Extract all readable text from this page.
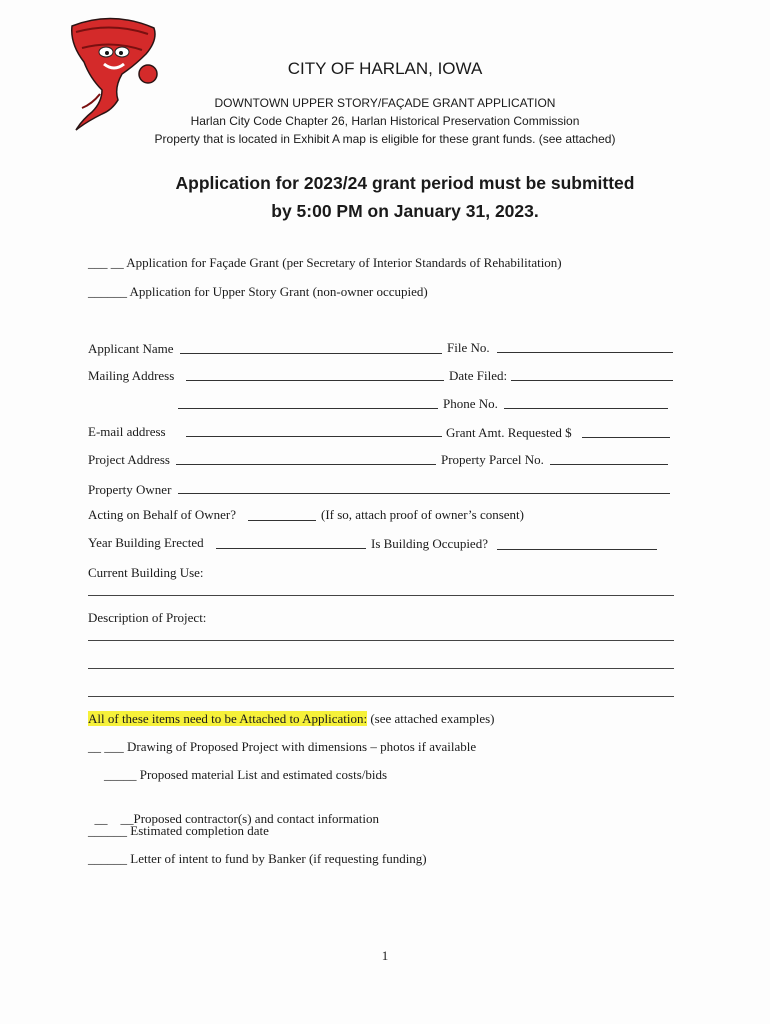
CITY OF HARLAN, IOWA
DOWNTOWN UPPER STORY/FAÇADE GRANT APPLICATION
Harlan City Code Chapter 26, Harlan Historical Preservation Commission
Property that is located in Exhibit A map is eligible for these grant funds. (see attached)
Application for 2023/24 grant period must be submitted
by 5:00 PM on January 31, 2023.
___ __ Application for Façade Grant (per Secretary of Interior Standards of Rehabilitation)
______ Application for Upper Story Grant (non-owner occupied)
Applicant Name	File No.
Mailing Address	Date Filed:
Phone No.
E-mail address	Grant Amt. Requested $
Project Address	Property Parcel No.
Property Owner
Acting on Behalf of Owner?	(If so, attach proof of owner’s consent)
Year Building Erected	Is Building Occupied?
Current Building Use:
Description of Project:
All of these items need to be Attached to Application: (see attached examples)
__ ___ Drawing of Proposed Project with dimensions – photos if available
_____ Proposed material List and estimated costs/bids

__    __Proposed contractor(s) and contact information

______ Estimated completion date
______ Letter of intent to fund by Banker (if requesting funding)
1
